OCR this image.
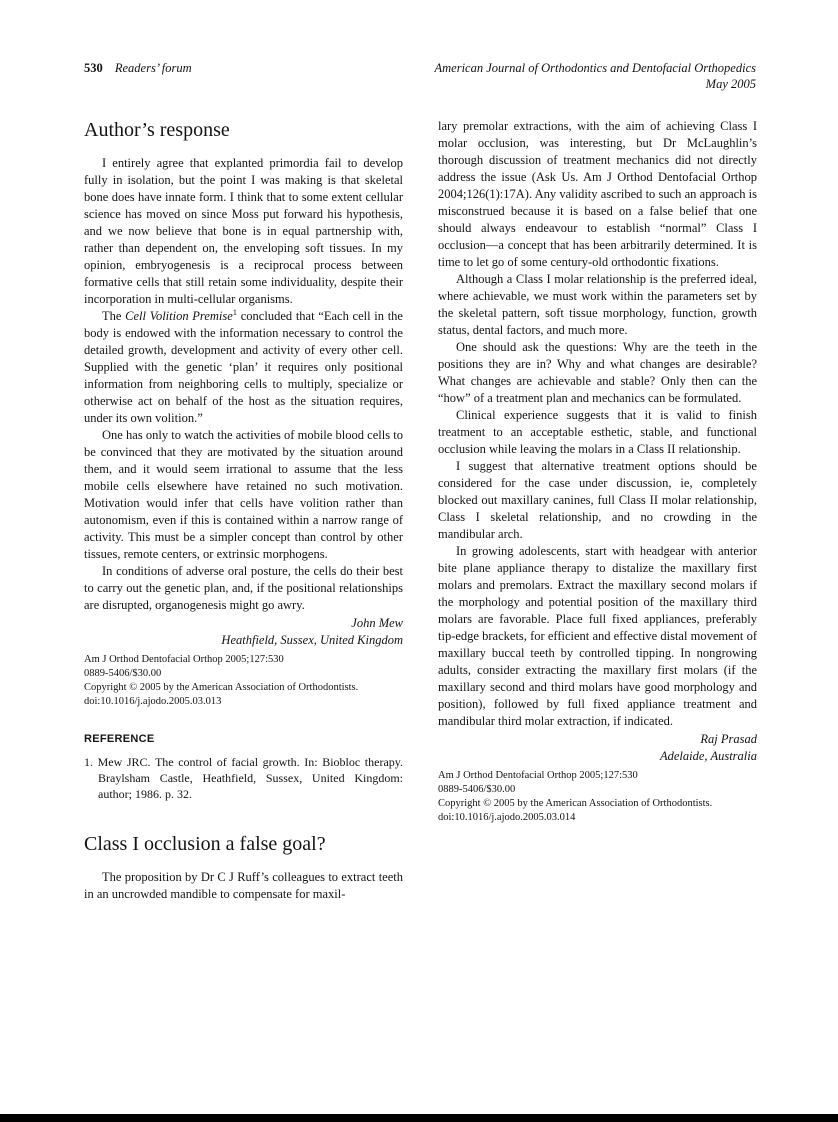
530 Readers’ forum	American Journal of Orthodontics and Dentofacial Orthopedics
May 2005
Author’s response

I entirely agree that explanted primordia fail to develop fully in isolation, but the point I was making is that skeletal bone does have innate form. I think that to some extent cellular science has moved on since Moss put forward his hypothesis, and we now believe that bone is in equal partnership with, rather than dependent on, the enveloping soft tissues. In my opinion, embryogenesis is a reciprocal process between formative cells that still retain some individuality, despite their incorporation in multi-cellular organisms.

The Cell Volition Premise$^1$ concluded that “Each cell in the body is endowed with the information necessary to control the detailed growth, development and activity of every other cell. Supplied with the genetic ‘plan’ it requires only positional information from neighboring cells to multiply, specialize or otherwise act on behalf of the host as the situation requires, under its own volition.”

One has only to watch the activities of mobile blood cells to be convinced that they are motivated by the situation around them, and it would seem irrational to assume that the less mobile cells elsewhere have retained no such motivation. Motivation would infer that cells have volition rather than autonomism, even if this is contained within a narrow range of activity. This must be a simpler concept than control by other tissues, remote centers, or extrinsic morphogens.

In conditions of adverse oral posture, the cells do their best to carry out the genetic plan, and, if the positional relationships are disrupted, organogenesis might go awry.

John Mew
Heathfield, Sussex, United Kingdom
Am J Orthod Dentofacial Orthop 2005;127:530
0889-5406/$30.00
Copyright © 2005 by the American Association of Orthodontists.
doi:10.1016/j.ajodo.2005.03.013
REFERENCE
1. Mew JRC. The control of facial growth. In: Biobloc therapy. Braylsham Castle, Heathfield, Sussex, United Kingdom: author; 1986. p. 32.
Class I occlusion a false goal?

The proposition by Dr C J Ruff’s colleagues to extract teeth in an uncrowded mandible to compensate for maxil-

lary premolar extractions, with the aim of achieving Class I molar occlusion, was interesting, but Dr McLaughlin’s thorough discussion of treatment mechanics did not directly address the issue (Ask Us. Am J Orthod Dentofacial Orthop 2004;126(1):17A). Any validity ascribed to such an approach is misconstrued because it is based on a false belief that one should always endeavour to establish “normal” Class I occlusion—a concept that has been arbitrarily determined. It is time to let go of some century-old orthodontic fixations.

Although a Class I molar relationship is the preferred ideal, where achievable, we must work within the parameters set by the skeletal pattern, soft tissue morphology, function, growth status, dental factors, and much more.

One should ask the questions: Why are the teeth in the positions they are in? Why and what changes are desirable? What changes are achievable and stable? Only then can the “how” of a treatment plan and mechanics can be formulated.

Clinical experience suggests that it is valid to finish treatment to an acceptable esthetic, stable, and functional occlusion while leaving the molars in a Class II relationship.

I suggest that alternative treatment options should be considered for the case under discussion, ie, completely blocked out maxillary canines, full Class II molar relationship, Class I skeletal relationship, and no crowding in the mandibular arch.

In growing adolescents, start with headgear with anterior bite plane appliance therapy to distalize the maxillary first molars and premolars. Extract the maxillary second molars if the morphology and potential position of the maxillary third molars are favorable. Place full fixed appliances, preferably tip-edge brackets, for efficient and effective distal movement of maxillary buccal teeth by controlled tipping. In nongrowing adults, consider extracting the maxillary first molars (if the maxillary second and third molars have good morphology and position), followed by full fixed appliance treatment and mandibular third molar extraction, if indicated.

Raj Prasad
Adelaide, Australia
Am J Orthod Dentofacial Orthop 2005;127:530
0889-5406/$30.00
Copyright © 2005 by the American Association of Orthodontists.
doi:10.1016/j.ajodo.2005.03.014
